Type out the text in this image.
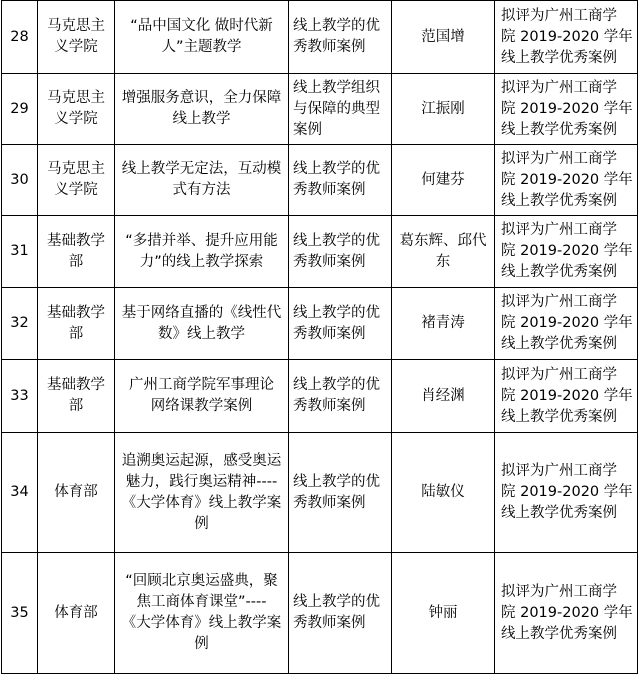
28	马克思主
义学院	“品中国文化 做时代新
人”主题教学	线上教学的优
秀教师案例	范国增	拟评为广州工商学
院 2019-2020 学年
线上教学优秀案例

29	马克思主
义学院	增强服务意识，全力保障
线上教学	线上教学组织
与保障的典型
案例	江振刚	拟评为广州工商学
院 2019-2020 学年
线上教学优秀案例

30	马克思主
义学院	线上教学无定法，互动模
式有方法	线上教学的优
秀教师案例	何建芬	拟评为广州工商学
院 2019-2020 学年
线上教学优秀案例

31	基础教学
部	“多措并举、提升应用能
力”的线上教学探索	线上教学的优
秀教师案例	葛东辉、邱代
东	拟评为广州工商学
院 2019-2020 学年
线上教学优秀案例

32	基础教学
部	基于网络直播的《线性代
数》线上教学	线上教学的优
秀教师案例	褚青涛	拟评为广州工商学
院 2019-2020 学年
线上教学优秀案例

33	基础教学
部	广州工商学院军事理论
网络课教学案例	线上教学的优
秀教师案例	肖经渊	拟评为广州工商学
院 2019-2020 学年
线上教学优秀案例

34	体育部	追溯奥运起源，感受奥运
魅力，践行奥运精神----
《大学体育》线上教学案
例	线上教学的优
秀教师案例	陆敏仪	拟评为广州工商学
院 2019-2020 学年
线上教学优秀案例

35	体育部	“回顾北京奥运盛典，聚
焦工商体育课堂”----
《大学体育》线上教学案
例	线上教学的优
秀教师案例	钟丽	拟评为广州工商学
院 2019-2020 学年
线上教学优秀案例
